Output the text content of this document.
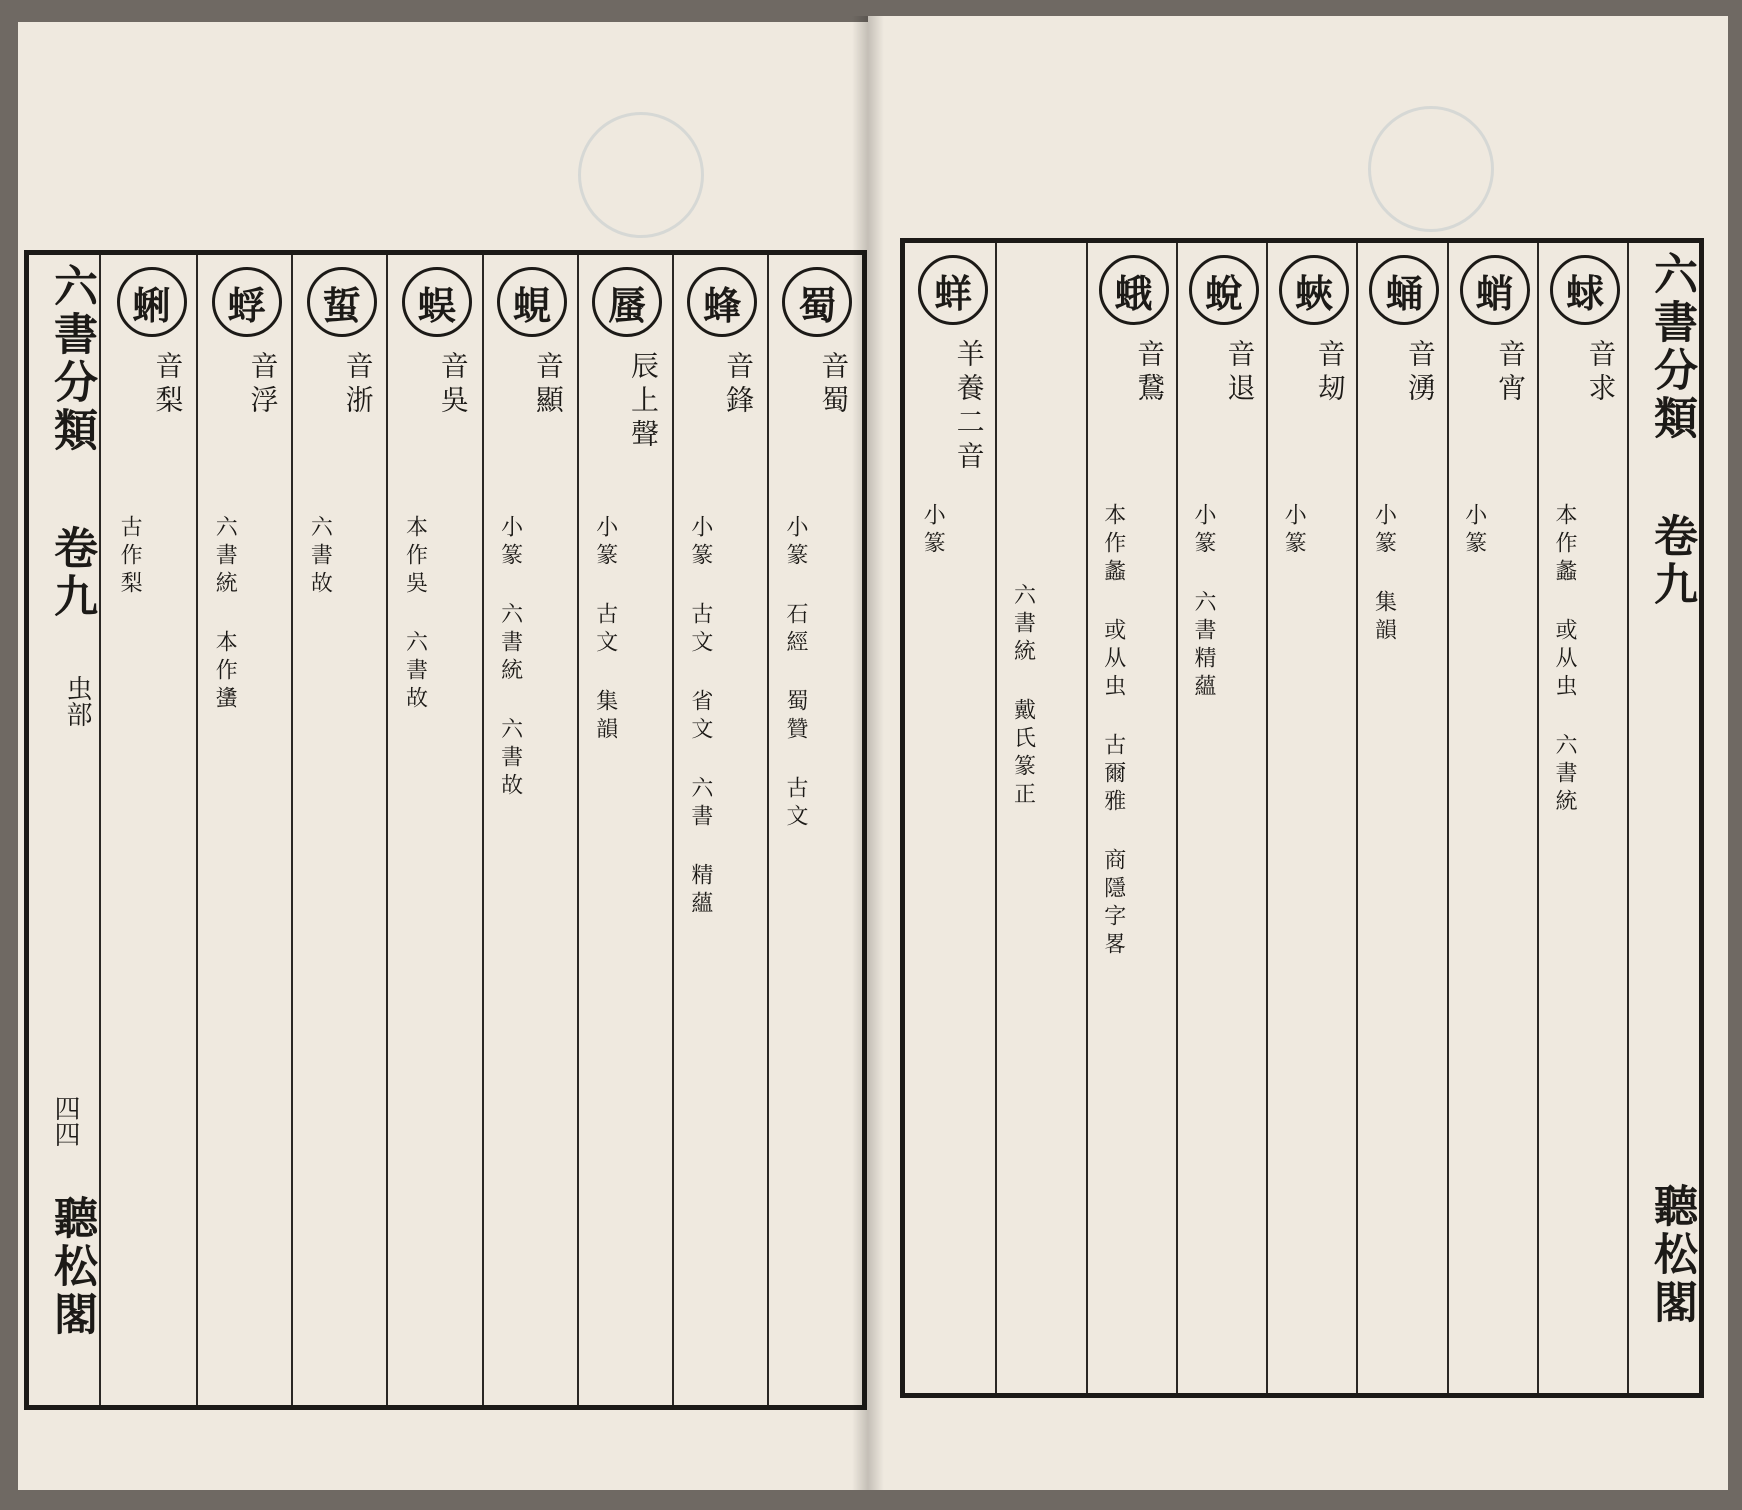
六書分類
卷九
虫部
四四
聽松閣
蜀
音蜀
小篆 石經 蜀贊 古文
蜂
音鋒
小篆 古文 省文 六書 精蘊
蜃
辰上聲
小篆 古文 集韻
蜆
音顯
小篆 六書統 六書故
蜈
音吳
本作吳 六書故
蜇
音浙
六書故
蜉
音浮
六書統 本作䗬
蜊
音梨
古作梨
蛷
音求
本作蠡 或从虫 六書統
蛸
音宵
小篆
蛹
音湧
小篆 集韻
蛺
音刼
小篆
蛻
音退
小篆 六書精蘊
蛾
音鵞
本作蠡 或从虫 古爾雅 商隱字畧
六書統 戴氏篆正
蛘
羊養二音
小篆
六書分類
卷九
聽松閣
